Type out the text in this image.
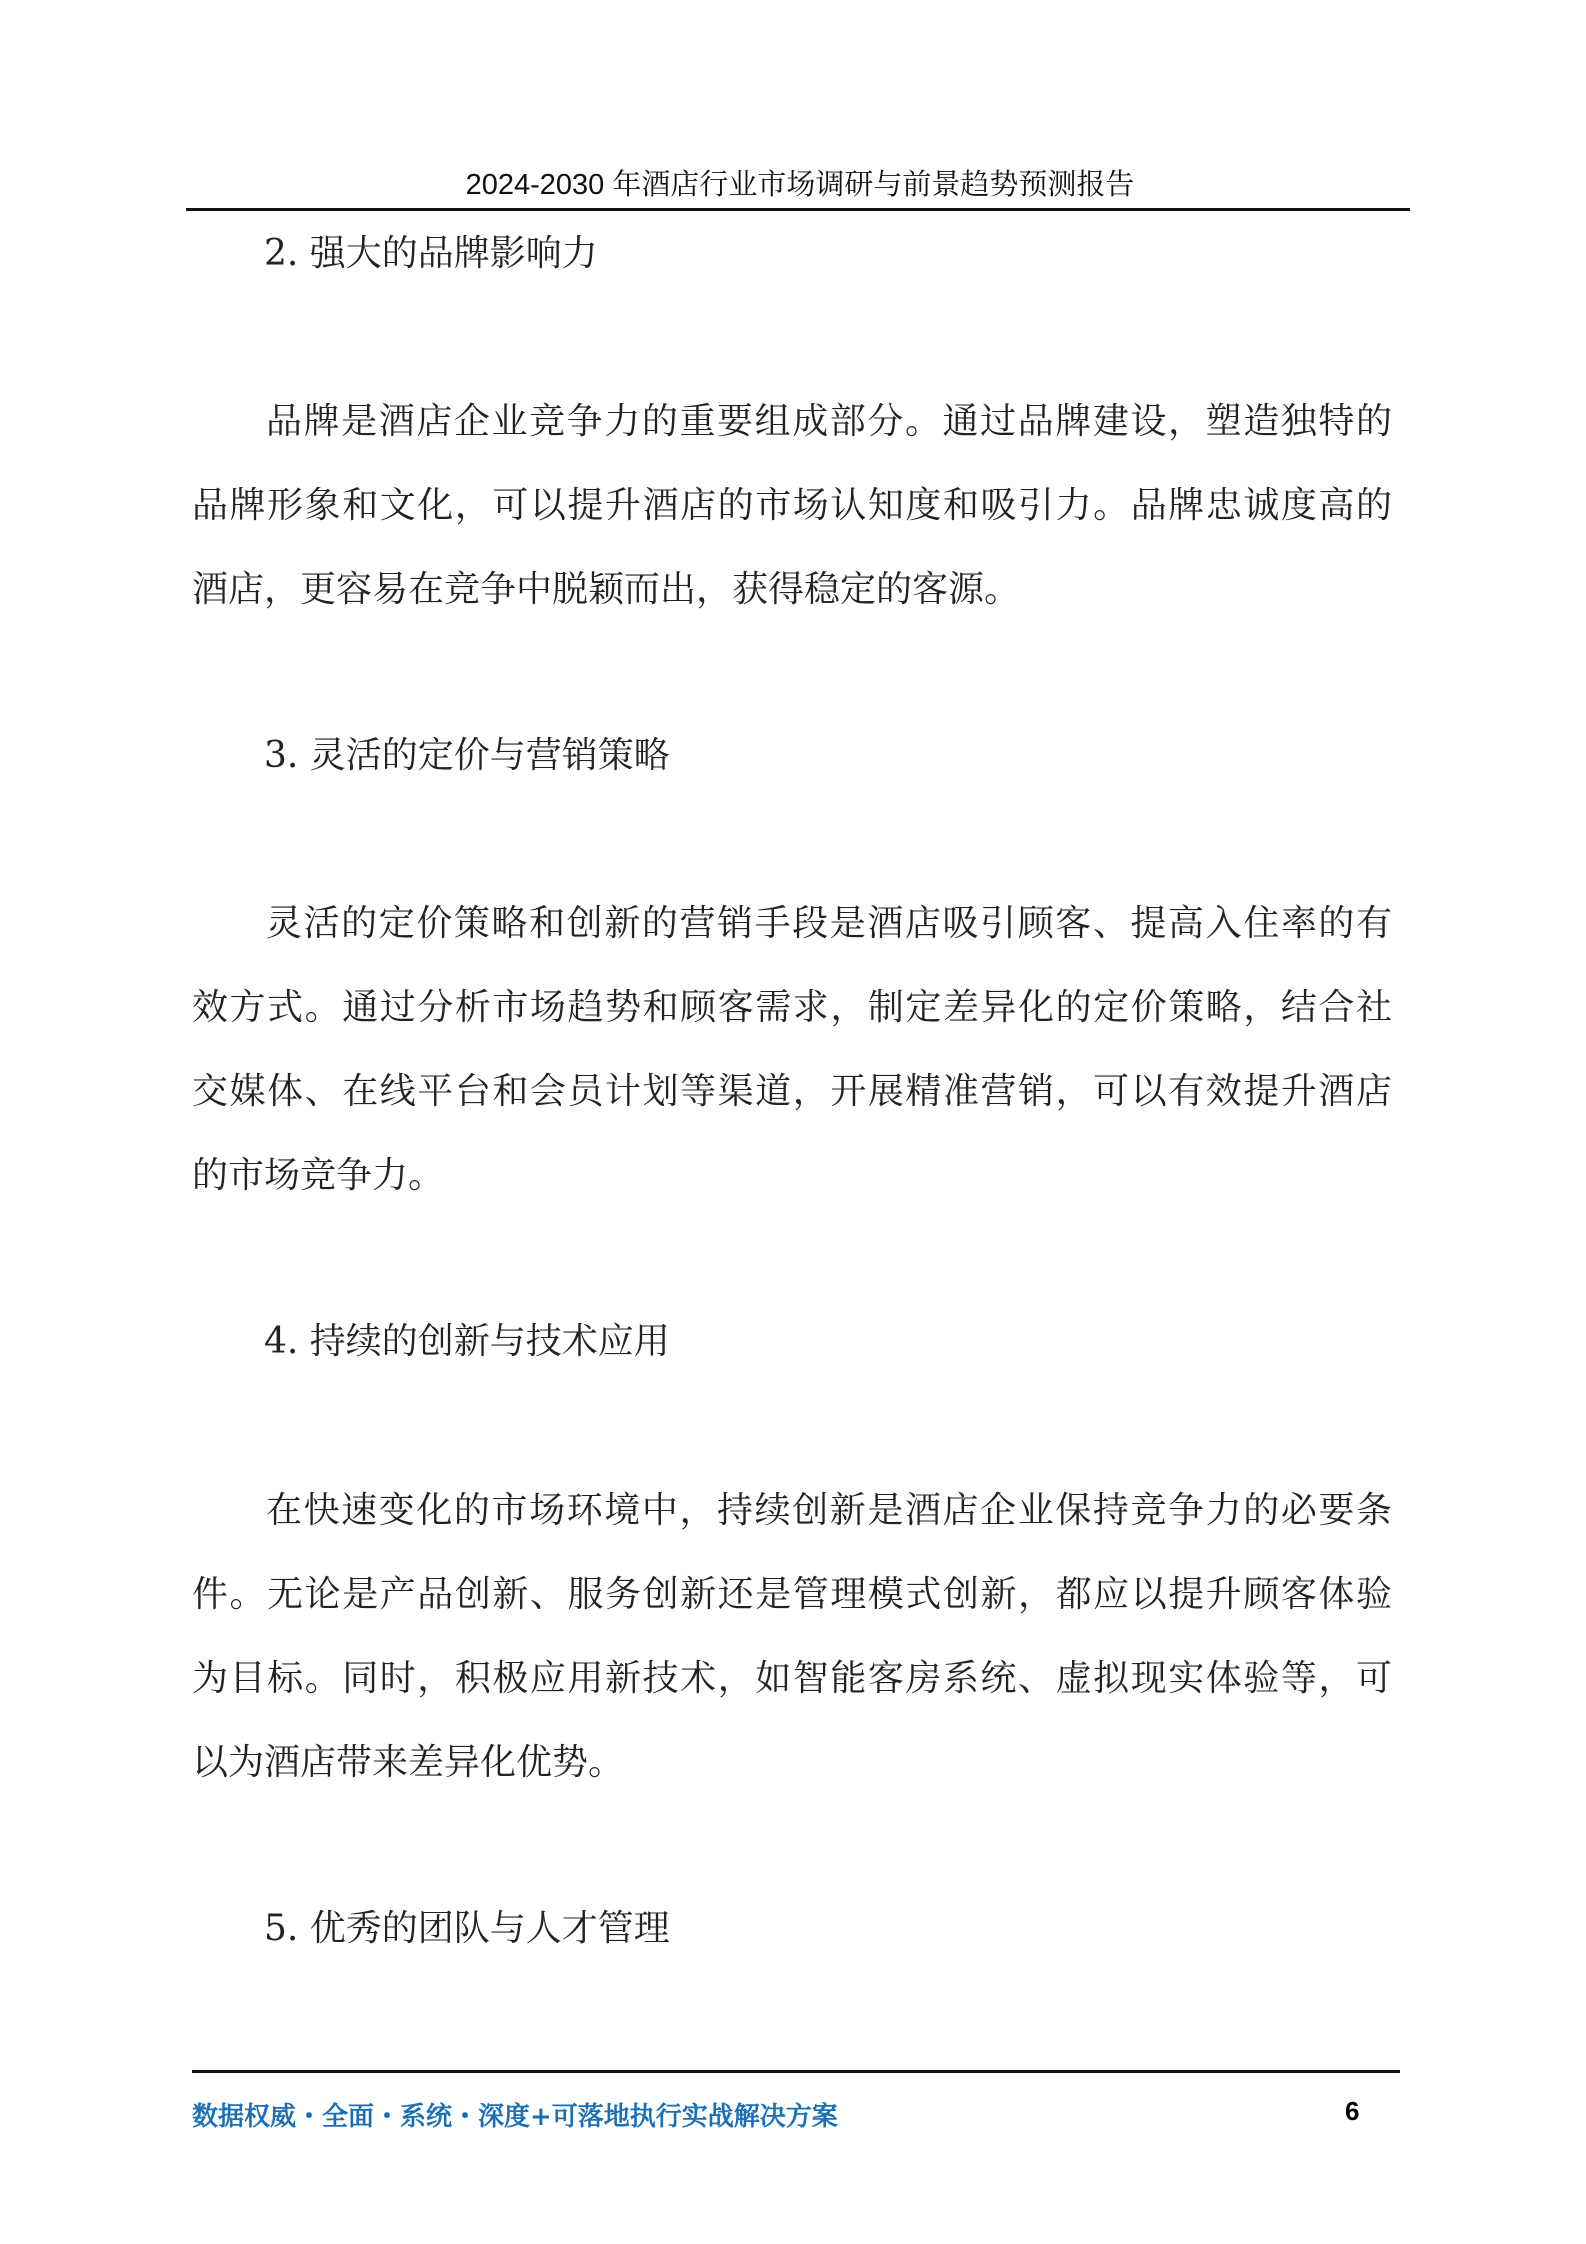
2024-2030 年酒店行业市场调研与前景趋势预测报告
2. 强大的品牌影响力
品牌是酒店企业竞争力的重要组成部分。通过品牌建设，塑造独特的
品牌形象和文化，可以提升酒店的市场认知度和吸引力。品牌忠诚度高的
酒店，更容易在竞争中脱颖而出，获得稳定的客源。
3. 灵活的定价与营销策略
灵活的定价策略和创新的营销手段是酒店吸引顾客、提高入住率的有
效方式。通过分析市场趋势和顾客需求，制定差异化的定价策略，结合社
交媒体、在线平台和会员计划等渠道，开展精准营销，可以有效提升酒店
的市场竞争力。
4. 持续的创新与技术应用
在快速变化的市场环境中，持续创新是酒店企业保持竞争力的必要条
件。无论是产品创新、服务创新还是管理模式创新，都应以提升顾客体验
为目标。同时，积极应用新技术，如智能客房系统、虚拟现实体验等，可
以为酒店带来差异化优势。
5. 优秀的团队与人才管理
数据权威・全面・系统・深度+可落地执行实战解决方案	6
